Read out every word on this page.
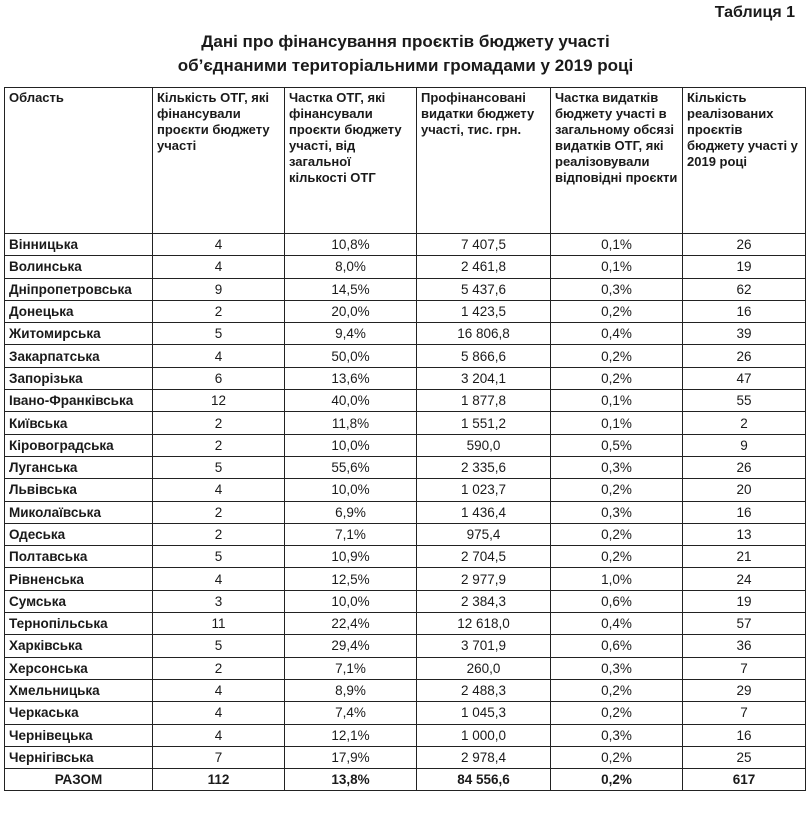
Таблиця 1
Дані про фінансування проєктів бюджету участі
об’єднаними територіальними громадами у 2019 році
Область	Кількість ОТГ, які фінансували проєкти бюджету участі	Частка ОТГ, які фінансували проєкти бюджету участі, від загальної кількості ОТГ	Профінансовані видатки бюджету участі, тис. грн.	Частка видатків бюджету участі в загальному обсязі видатків ОТГ, які реалізовували відповідні проєкти	Кількість реалізованих проєктів бюджету участі у 2019 році
Вінницька	4	10,8%	7 407,5	0,1%	26
Волинська	4	8,0%	2 461,8	0,1%	19
Дніпропетровська	9	14,5%	5 437,6	0,3%	62
Донецька	2	20,0%	1 423,5	0,2%	16
Житомирська	5	9,4%	16 806,8	0,4%	39
Закарпатська	4	50,0%	5 866,6	0,2%	26
Запорізька	6	13,6%	3 204,1	0,2%	47
Івано-Франківська	12	40,0%	1 877,8	0,1%	55
Київська	2	11,8%	1 551,2	0,1%	2
Кіровоградська	2	10,0%	590,0	0,5%	9
Луганська	5	55,6%	2 335,6	0,3%	26
Львівська	4	10,0%	1 023,7	0,2%	20
Миколаївська	2	6,9%	1 436,4	0,3%	16
Одеська	2	7,1%	975,4	0,2%	13
Полтавська	5	10,9%	2 704,5	0,2%	21
Рівненська	4	12,5%	2 977,9	1,0%	24
Сумська	3	10,0%	2 384,3	0,6%	19
Тернопільська	11	22,4%	12 618,0	0,4%	57
Харківська	5	29,4%	3 701,9	0,6%	36
Херсонська	2	7,1%	260,0	0,3%	7
Хмельницька	4	8,9%	2 488,3	0,2%	29
Черкаська	4	7,4%	1 045,3	0,2%	7
Чернівецька	4	12,1%	1 000,0	0,3%	16
Чернігівська	7	17,9%	2 978,4	0,2%	25
РАЗОМ	112	13,8%	84 556,6	0,2%	617
